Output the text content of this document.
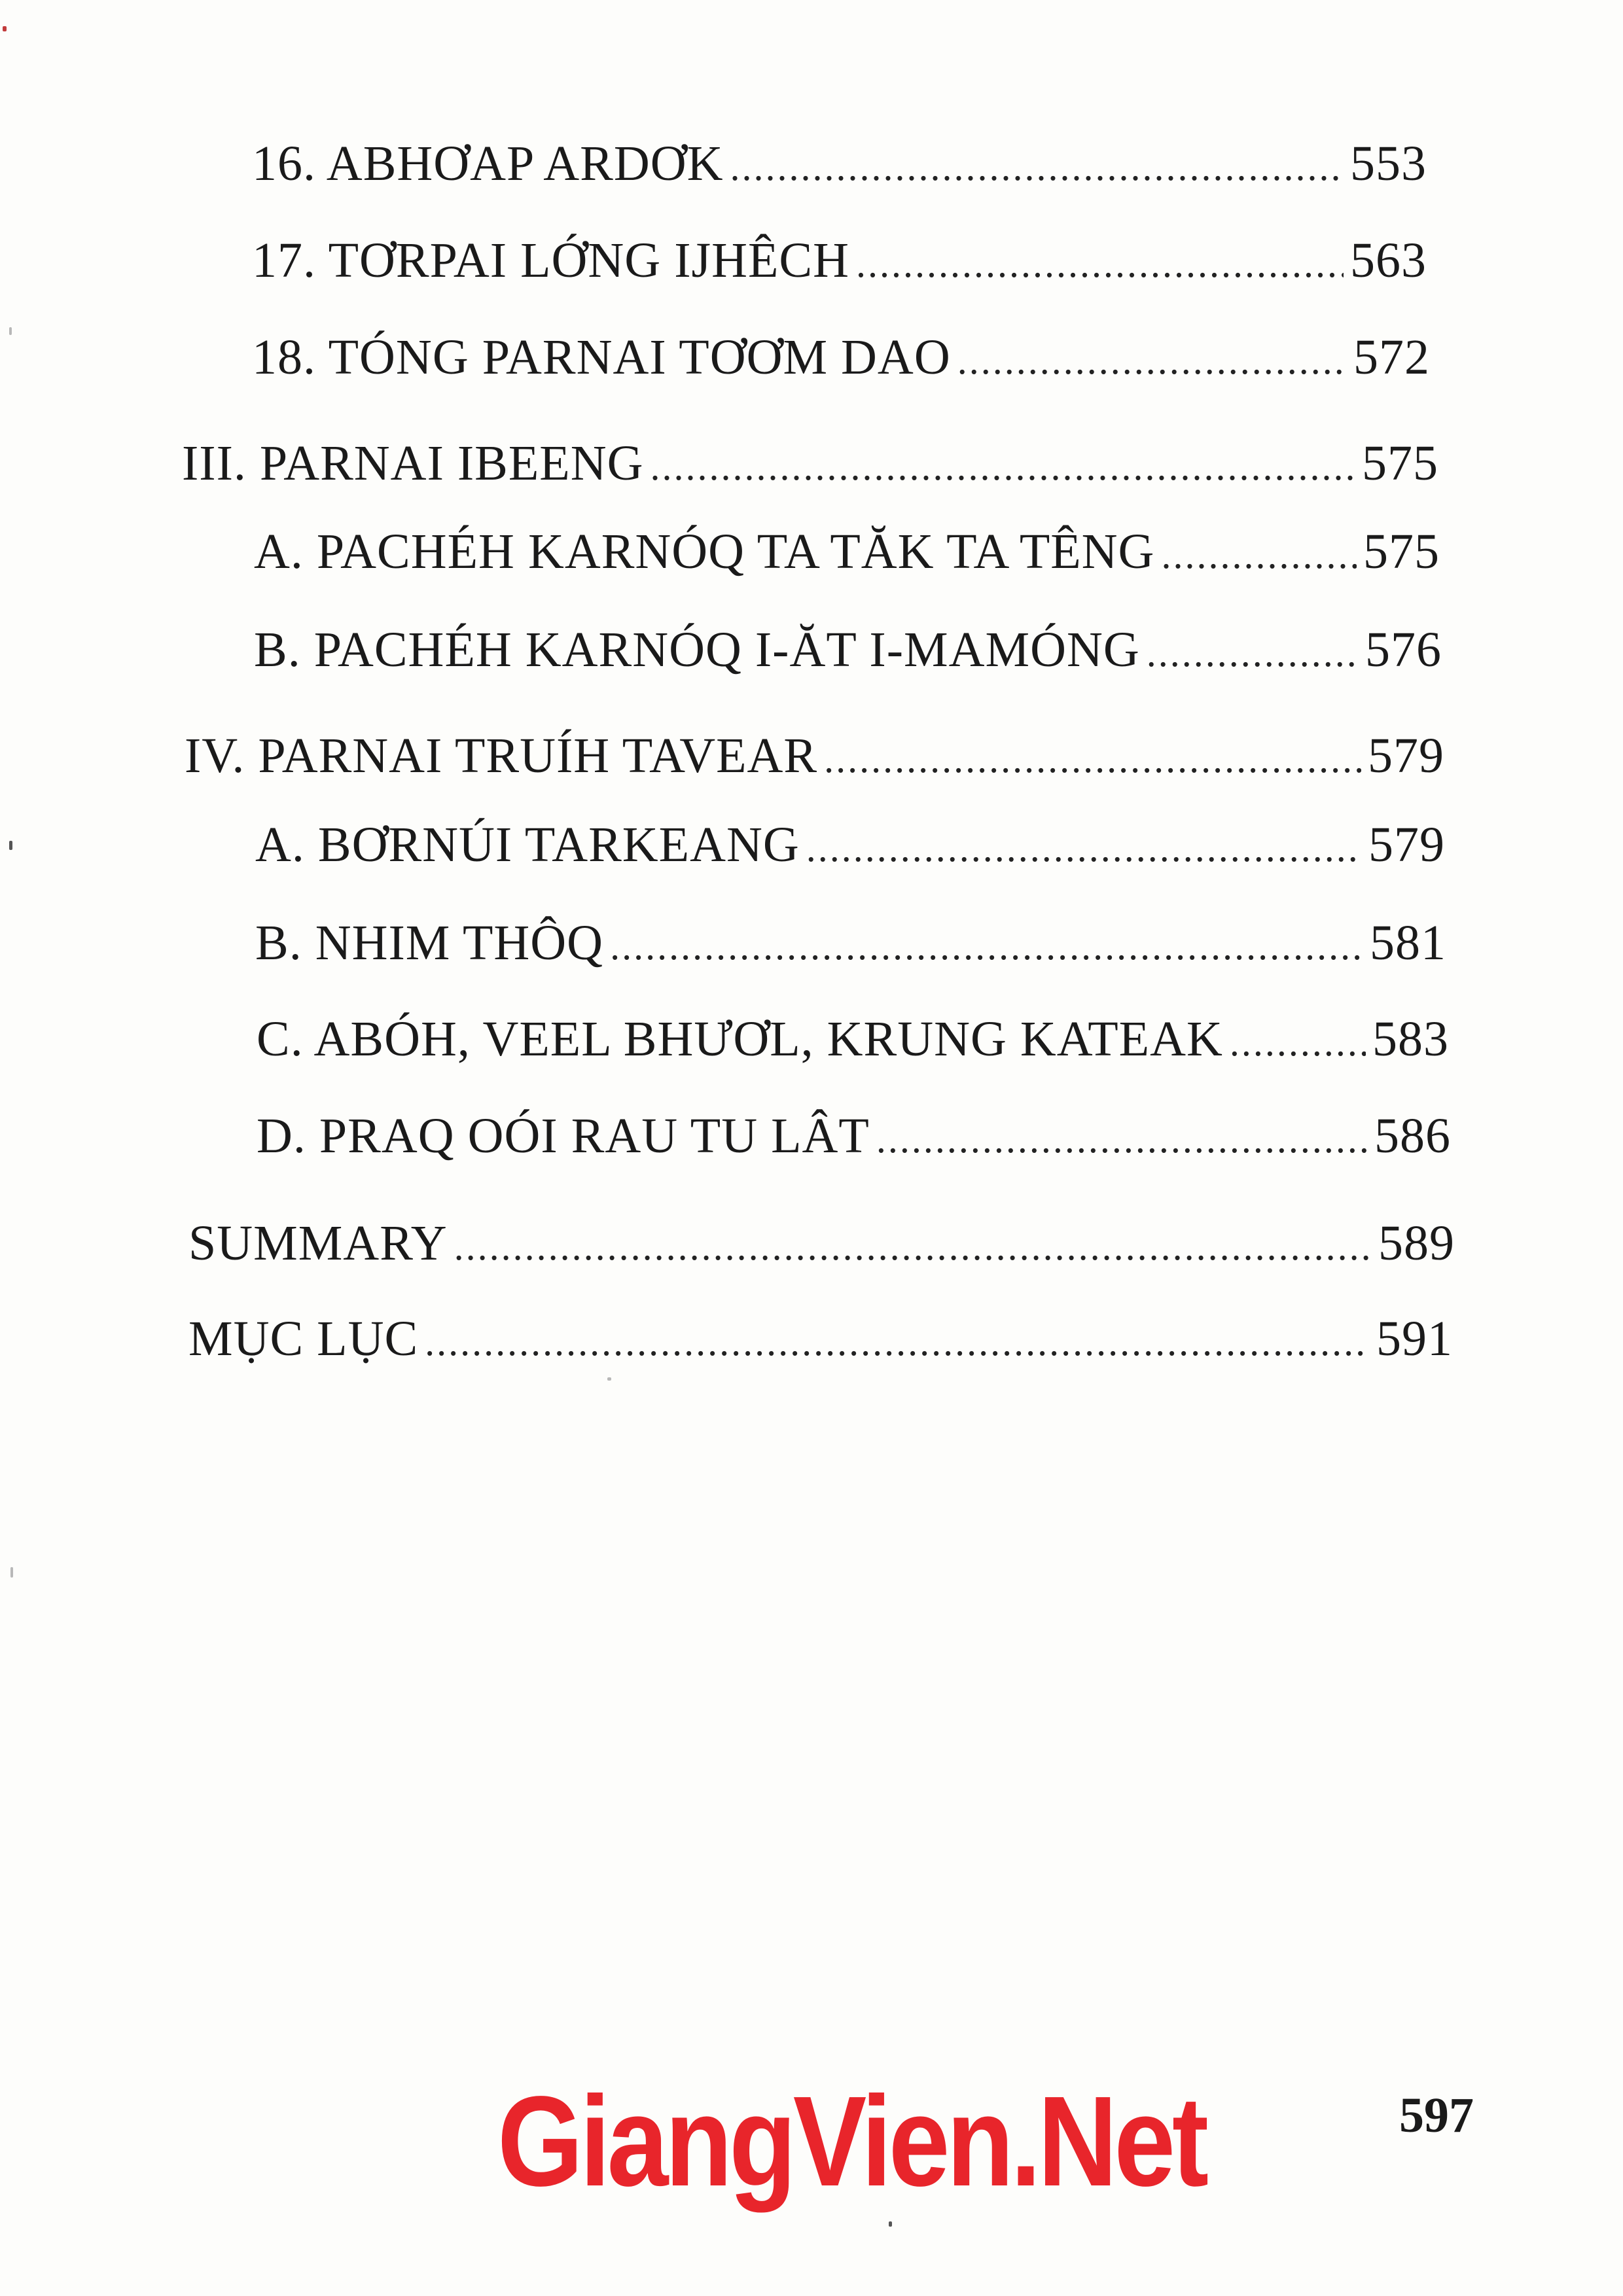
16. ABHƠAP ARDƠK .....	553
17. TƠRPAI LỚNG IJHÊCH .....	563
18. TÓNG PARNAI TƠƠM DAO .....	572
III. PARNAI IBEENG .....	575
A. PACHÉH KARNÓQ TA TĂK TA TÊNG .....	575
B. PACHÉH KARNÓQ I-ĂT I-MAMÓNG .....	576
IV. PARNAI TRUÍH TAVEAR .....	579
A. BƠRNÚI TARKEANG .....	579
B. NHIM THÔQ .....	581
C. ABÓH, VEEL BHƯƠL, KRUNG KATEAK .....	583
D. PRAQ OÓI RAU TU LÂT .....	586
SUMMARY .....	589
MỤC LỤC .....	591
GiangVien.Net	597
